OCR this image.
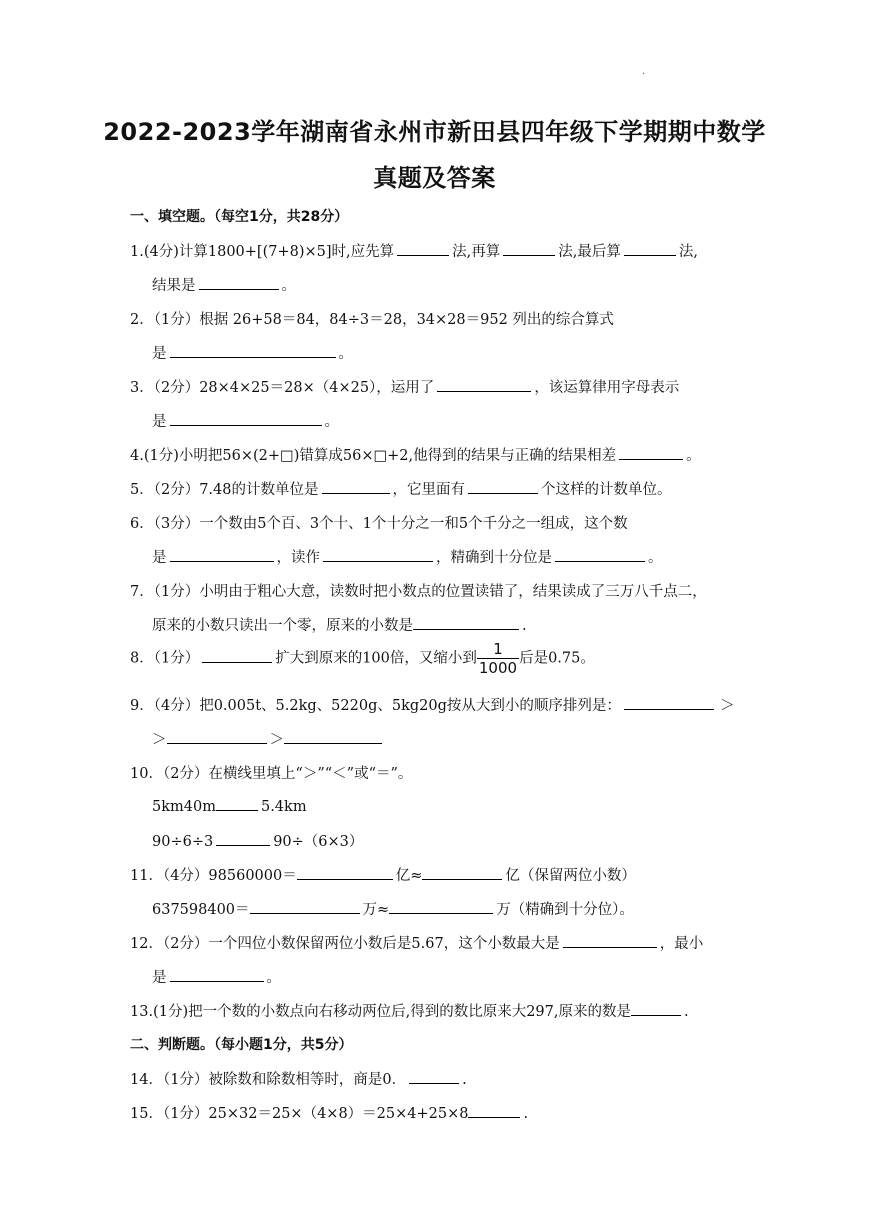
.
2022-2023学年湖南省永州市新田县四年级下学期期中数学
真题及答案
一、填空题。（每空1分，共28分）
1.(4分)计算1800+[(7+8)×5]时,应先算	法,再算	法,最后算	法,
结果是	。
2．（1分）根据 26+58＝84，84÷3＝28，34×28＝952 列出的综合算式
是	。
3．（2分）28×4×25＝28×（4×25），运用了	，该运算律用字母表示
是	。
4.(1分)小明把56×(2+□)错算成56×□+2,他得到的结果与正确的结果相差	。
5．（2分）7.48的计数单位是	，它里面有	个这样的计数单位。
6．（3分）一个数由5个百、3个十、1个十分之一和5个千分之一组成，这个数
是	，读作	，精确到十分位是	。
7．（1分）小明由于粗心大意，读数时把小数点的位置读错了，结果读成了三万八千点二，
原来的小数只读出一个零，原来的小数是	.
8．（1分）	扩大到原来的100倍，又缩小到 $\frac{1}{1000}$ 后是0.75。
9．（4分）把0.005t、5.2kg、5220g、5kg20g按从大到小的顺序排列是：	＞
＞	＞
10．（2分）在横线里填上“＞”“＜”或“＝”。
5km40m	5.4km
90÷6÷3	90÷（6×3）
11．（4分）98560000＝	亿≈	亿（保留两位小数）
637598400＝	万≈	万（精确到十分位）。
12．（2分）一个四位小数保留两位小数后是5.67，这个小数最大是	，最小
是	。
13.(1分)把一个数的小数点向右移动两位后,得到的数比原来大297,原来的数是	.
二、判断题。（每小题1分，共5分）
14．（1分）被除数和除数相等时，商是0．	.
15．（1分）25×32＝25×（4×8）＝25×4+25×8	.
